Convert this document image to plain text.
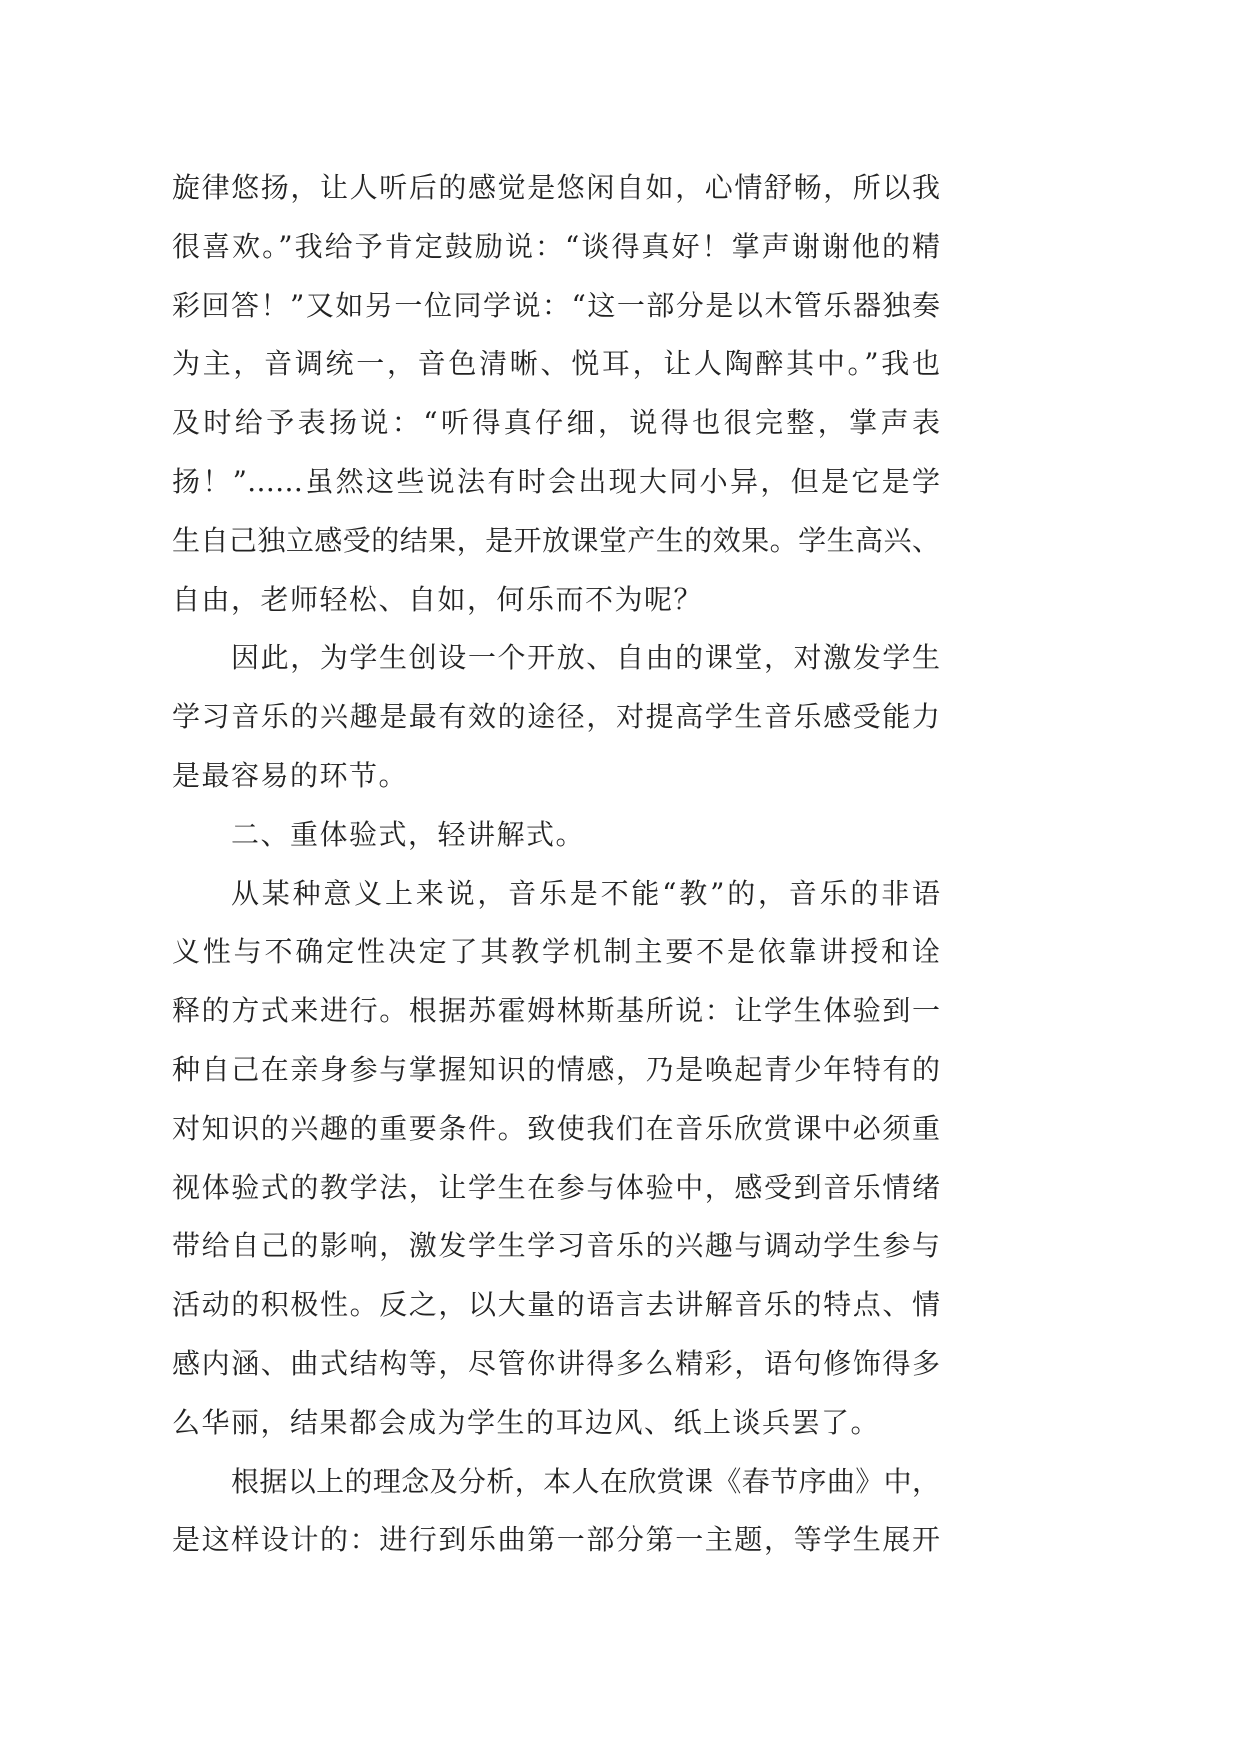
旋律悠扬，让人听后的感觉是悠闲自如，心情舒畅，所以我
很喜欢。”我给予肯定鼓励说：“谈得真好！掌声谢谢他的精
彩回答！”又如另一位同学说：“这一部分是以木管乐器独奏
为主，音调统一，音色清晰、悦耳，让人陶醉其中。”我也
及时给予表扬说：“听得真仔细，说得也很完整，掌声表
扬！”……虽然这些说法有时会出现大同小异，但是它是学
生自己独立感受的结果，是开放课堂产生的效果。学生高兴、
自由，老师轻松、自如，何乐而不为呢？
因此，为学生创设一个开放、自由的课堂，对激发学生
学习音乐的兴趣是最有效的途径，对提高学生音乐感受能力
是最容易的环节。
二、重体验式，轻讲解式。
从某种意义上来说，音乐是不能“教”的，音乐的非语
义性与不确定性决定了其教学机制主要不是依靠讲授和诠
释的方式来进行。根据苏霍姆林斯基所说：让学生体验到一
种自己在亲身参与掌握知识的情感，乃是唤起青少年特有的
对知识的兴趣的重要条件。致使我们在音乐欣赏课中必须重
视体验式的教学法，让学生在参与体验中，感受到音乐情绪
带给自己的影响，激发学生学习音乐的兴趣与调动学生参与
活动的积极性。反之，以大量的语言去讲解音乐的特点、情
感内涵、曲式结构等，尽管你讲得多么精彩，语句修饰得多
么华丽，结果都会成为学生的耳边风、纸上谈兵罢了。
根据以上的理念及分析，本人在欣赏课《春节序曲》中，
是这样设计的：进行到乐曲第一部分第一主题，等学生展开
